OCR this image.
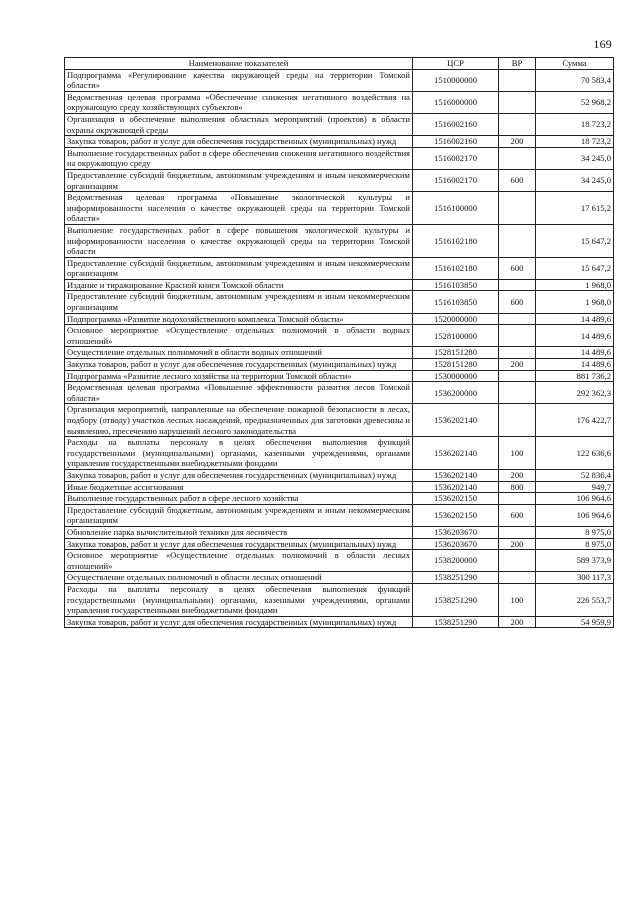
169
Наименование показателей	ЦСР	ВР	Сумма
Подпрограмма «Регулирование качества окружающей среды на территории Томской области»	1510000000		70 583,4
Ведомственная целевая программа «Обеспечение снижения негативного воздействия на окружающую среду хозяйствующих субъектов»	1516000000		52 968,2
Организация и обеспечение выполнения областных мероприятий (проектов) в области охраны окружающей среды	1516002160		18 723,2
Закупка товаров, работ и услуг для обеспечения государственных (муниципальных) нужд	1516002160	200	18 723,2
Выполнение государственных работ в сфере обеспечения снижения негативного воздействия на окружающую среду	1516002170		34 245,0
Предоставление субсидий бюджетным, автономным учреждениям и иным некоммерческим организациям	1516002170	600	34 245,0
Ведомственная целевая программа «Повышение экологической культуры и информированности населения о качестве окружающей среды на территории Томской области»	1516100000		17 615,2
Выполнение государственных работ в сфере повышения экологической культуры и информированности населения о качестве окружающей среды на территории Томской области	1516102180		15 647,2
Предоставление субсидий бюджетным, автономным учреждениям и иным некоммерческим организациям	1516102180	600	15 647,2
Издание и тиражирование Красной книги Томской области	1516103850		1 968,0
Предоставление субсидий бюджетным, автономным учреждениям и иным некоммерческим организациям	1516103850	600	1 968,0
Подпрограмма «Развитие водохозяйственного комплекса Томской области»	1520000000		14 489,6
Основное мероприятие «Осуществление отдельных полномочий в области водных отношений»	1528100000		14 489,6
Осуществление отдельных полномочий в области водных отношений	1528151280		14 489,6
Закупка товаров, работ и услуг для обеспечения государственных (муниципальных) нужд	1528151280	200	14 489,6
Подпрограмма «Развитие лесного хозяйства на территории Томской области»	1530000000		881 736,2
Ведомственная целевая программа «Повышение эффективности развития лесов Томской области»	1536200000		292 362,3
Организация мероприятий, направленные на обеспечение пожарной безопасности в лесах, подбору (отводу) участков лесных насаждений, предназначенных для заготовки древесины и выявлению, пресечению нарушений лесного законодательства	1536202140		176 422,7
Расходы на выплаты персоналу в целях обеспечения выполнения функций государственными (муниципальными) органами, казенными учреждениями, органами управления государственными внебюджетными фондами	1536202140	100	122 636,6
Закупка товаров, работ и услуг для обеспечения государственных (муниципальных) нужд	1536202140	200	52 836,4
Иные бюджетные ассигнования	1536202140	800	949,7
Выполнение государственных работ в сфере лесного хозяйства	1536202150		106 964,6
Предоставление субсидий бюджетным, автономным учреждениям и иным некоммерческим организациям	1536202150	600	106 964,6
Обновление парка вычислительной техники для лесничеств	1536203670		8 975,0
Закупка товаров, работ и услуг для обеспечения государственных (муниципальных) нужд	1536203670	200	8 975,0
Основное мероприятие «Осуществление отдельных полномочий в области лесных отношений»	1538200000		589 373,9
Осуществление отдельных полномочий в области лесных отношений	1538251290		300 117,3
Расходы на выплаты персоналу в целях обеспечения выполнения функций государственными (муниципальными) органами, казенными учреждениями, органами управления государственными внебюджетными фондами	1538251290	100	226 553,7
Закупка товаров, работ и услуг для обеспечения государственных (муниципальных) нужд	1538251290	200	54 959,9
